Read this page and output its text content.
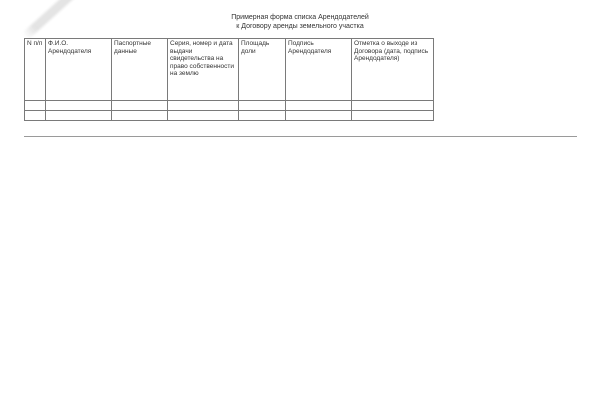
Примерная форма списка Арендодателей
к Договору аренды земельного участка
N п/п	Ф.И.О. Арендодателя	Паспортные данные	Серия, номер и дата выдачи свидетельства на право собственности на землю	Площадь доли	Подпись Арендодателя	Отметка о выходе из Договора (дата, подпись Арендодателя)
